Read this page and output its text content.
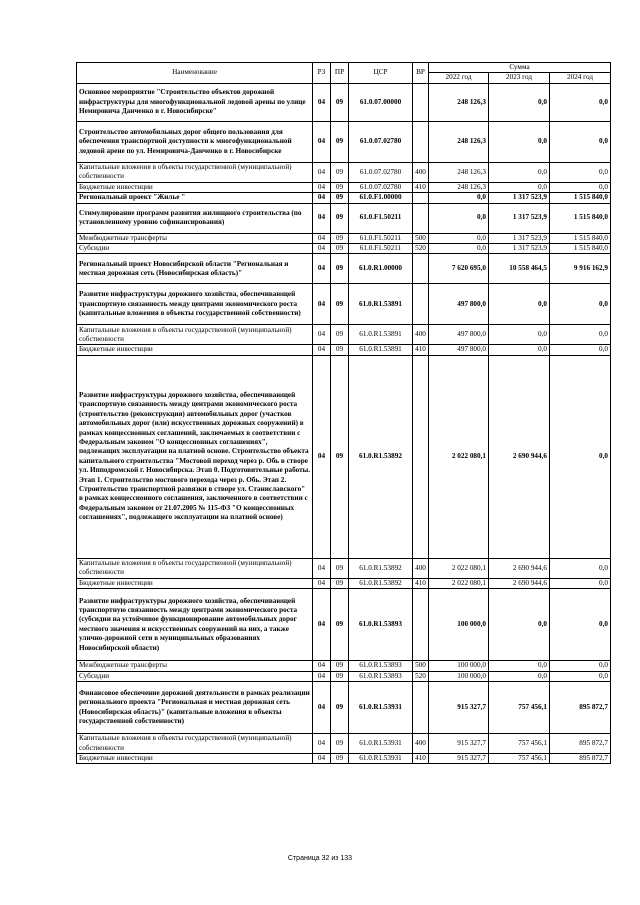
Наименование	РЗ	ПР	ЦСР	ВР	Сумма		
					2022 год	2023 год	2024 год
Основное мероприятие "Строительство объектов дорожной инфраструктуры для многофункциональной ледовой арены по улице Немировича Данченко в г. Новосибирске"	04	09	61.0.07.00000		248 126,3	0,0	0,0
Строительство автомобильных дорог общего пользования для обеспечения транспортной доступности к многофункциональной ледовой арене по ул. Немировича-Данченко в г. Новосибирске	04	09	61.0.07.02780		248 126,3	0,0	0,0
Капитальные вложения в объекты государственной (муниципальной) собственности	04	09	61.0.07.02780	400	248 126,3	0,0	0,0
Бюджетные инвестиции	04	09	61.0.07.02780	410	248 126,3	0,0	0,0
Региональный проект "Жилье "	04	09	61.0.F1.00000		0,0	1 317 523,9	1 515 840,0
Стимулирование программ развития жилищного строительства (по установленному уровню софинансирования)	04	09	61.0.F1.50211		0,0	1 317 523,9	1 515 840,0
Межбюджетные трансферты	04	09	61.0.F1.50211	500	0,0	1 317 523,9	1 515 840,0
Субсидии	04	09	61.0.F1.50211	520	0,0	1 317 523,9	1 515 840,0
Региональный проект Новосибирской области "Региональная и местная дорожная сеть (Новосибирская область)"	04	09	61.0.R1.00000		7 620 695,0	10 558 464,5	9 916 162,9
Развитие инфраструктуры дорожного хозяйства, обеспечивающей транспортную связанность между центрами экономического роста (капитальные вложения в объекты государственной собственности)	04	09	61.0.R1.53891		497 800,0	0,0	0,0
Капитальные вложения в объекты государственной (муниципальной) собственности	04	09	61.0.R1.53891	400	497 800,0	0,0	0,0
Бюджетные инвестиции	04	09	61.0.R1.53891	410	497 800,0	0,0	0,0
Развитие инфраструктуры дорожного хозяйства, обеспечивающей транспортную связанность между центрами экономического роста (строительство (реконструкция) автомобильных дорог (участков автомобильных дорог (или) искусственных дорожных сооружений) в рамках концессионных соглашений, заключаемых в соответствии с Федеральным законом "О концессионных соглашениях", подлежащих эксплуатации на платной основе. Строительство объекта капитального строительства "Мостовой переход через р. Обь в створе ул. Ипподромской г. Новосибирска. Этап 0. Подготовительные работы. Этап 1. Строительство мостового перехода через р. Обь. Этап 2. Строительство транспортной развязки в створе ул. Станиславского" в рамках концессионного соглашения, заключенного в соответствии с Федеральным законом от 21.07.2005 № 115-ФЗ "О концессионных соглашениях", подлежащего эксплуатации на платной основе)	04	09	61.0.R1.53892		2 022 080,1	2 690 944,6	0,0
Капитальные вложения в объекты государственной (муниципальной) собственности	04	09	61.0.R1.53892	400	2 022 080,1	2 690 944,6	0,0
Бюджетные инвестиции	04	09	61.0.R1.53892	410	2 022 080,1	2 690 944,6	0,0
Развитие инфраструктуры дорожного хозяйства, обеспечивающей транспортную связанность между центрами экономического роста (субсидии на устойчивое функционирование автомобильных дорог местного значения и искусственных сооружений на них, а также улично-дорожной сети в муниципальных образованиях Новосибирской области)	04	09	61.0.R1.53893		100 000,0	0,0	0,0
Межбюджетные трансферты	04	09	61.0.R1.53893	500	100 000,0	0,0	0,0
Субсидии	04	09	61.0.R1.53893	520	100 000,0	0,0	0,0
Финансовое обеспечение дорожной деятельности в рамках реализации регионального проекта "Региональная и местная дорожная сеть (Новосибирская область)" (капитальные вложения в объекты государственной собственности)	04	09	61.0.R1.53931		915 327,7	757 456,1	895 872,7
Капитальные вложения в объекты государственной (муниципальной) собственности	04	09	61.0.R1.53931	400	915 327,7	757 456,1	895 872,7
Бюджетные инвестиции	04	09	61.0.R1.53931	410	915 327,7	757 456,1	895 872,7
Страница 32 из 133
